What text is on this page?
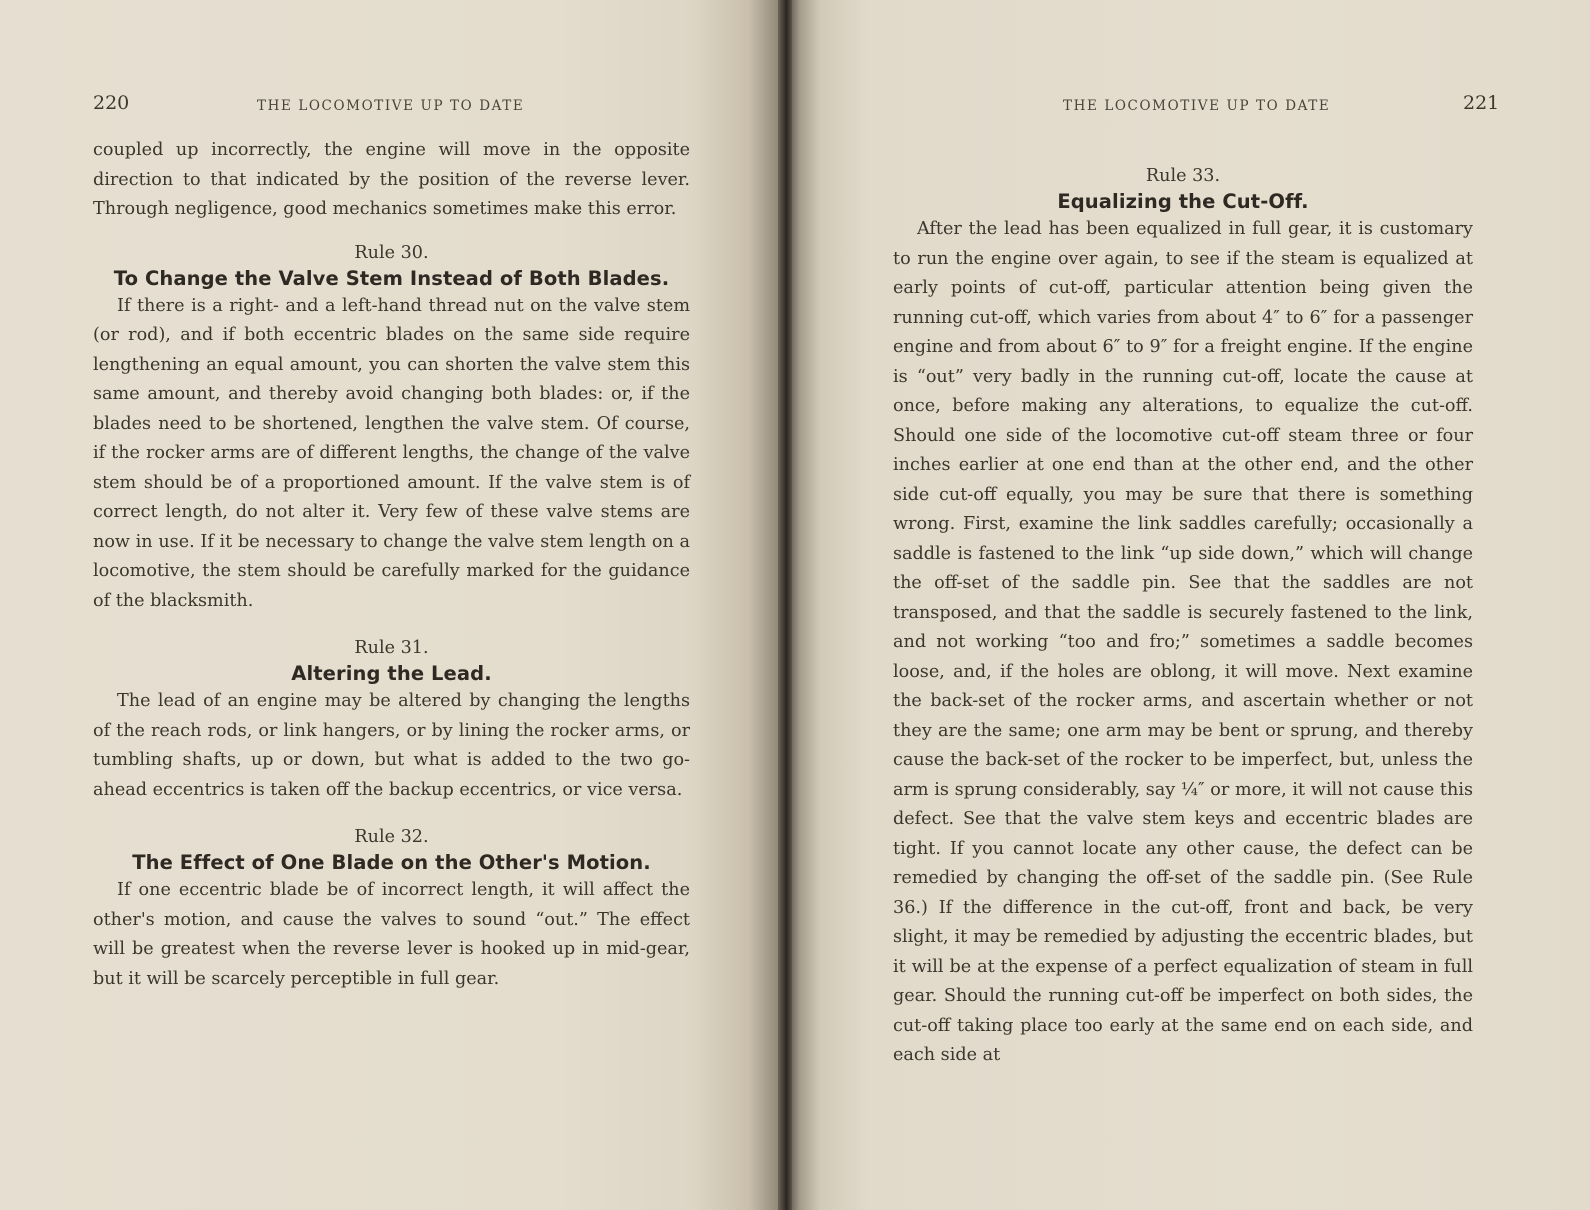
220	THE LOCOMOTIVE UP TO DATE

coupled up incorrectly, the engine will move in the opposite direction to that indicated by the position of the reverse lever. Through negligence, good mechanics sometimes make this error.

Rule 30.

To Change the Valve Stem Instead of Both Blades.

If there is a right- and a left-hand thread nut on the valve stem (or rod), and if both eccentric blades on the same side require lengthening an equal amount, you can shorten the valve stem this same amount, and thereby avoid changing both blades: or, if the blades need to be shortened, lengthen the valve stem. Of course, if the rocker arms are of different lengths, the change of the valve stem should be of a proportioned amount. If the valve stem is of correct length, do not alter it. Very few of these valve stems are now in use. If it be necessary to change the valve stem length on a locomotive, the stem should be carefully marked for the guidance of the blacksmith.

Rule 31.

Altering the Lead.

The lead of an engine may be altered by changing the lengths of the reach rods, or link hangers, or by lining the rocker arms, or tumbling shafts, up or down, but what is added to the two go-ahead eccentrics is taken off the backup eccentrics, or vice versa.

Rule 32.

The Effect of One Blade on the Other's Motion.

If one eccentric blade be of incorrect length, it will affect the other's motion, and cause the valves to sound “out.” The effect will be greatest when the reverse lever is hooked up in mid-gear, but it will be scarcely perceptible in full gear.

THE LOCOMOTIVE UP TO DATE	221

Rule 33.

Equalizing the Cut-Off.

After the lead has been equalized in full gear, it is customary to run the engine over again, to see if the steam is equalized at early points of cut-off, particular attention being given the running cut-off, which varies from about 4″ to 6″ for a passenger engine and from about 6″ to 9″ for a freight engine. If the engine is “out” very badly in the running cut-off, locate the cause at once, before making any alterations, to equalize the cut-off. Should one side of the locomotive cut-off steam three or four inches earlier at one end than at the other end, and the other side cut-off equally, you may be sure that there is something wrong. First, examine the link saddles carefully; occasionally a saddle is fastened to the link “up side down,” which will change the off-set of the saddle pin. See that the saddles are not transposed, and that the saddle is securely fastened to the link, and not working “too and fro;” sometimes a saddle becomes loose, and, if the holes are oblong, it will move. Next examine the back-set of the rocker arms, and ascertain whether or not they are the same; one arm may be bent or sprung, and thereby cause the back-set of the rocker to be imperfect, but, unless the arm is sprung considerably, say ¼″ or more, it will not cause this defect. See that the valve stem keys and eccentric blades are tight. If you cannot locate any other cause, the defect can be remedied by changing the off-set of the saddle pin. (See Rule 36.) If the difference in the cut-off, front and back, be very slight, it may be remedied by adjusting the eccentric blades, but it will be at the expense of a perfect equalization of steam in full gear. Should the running cut-off be imperfect on both sides, the cut-off taking place too early at the same end on each side, and each side at
